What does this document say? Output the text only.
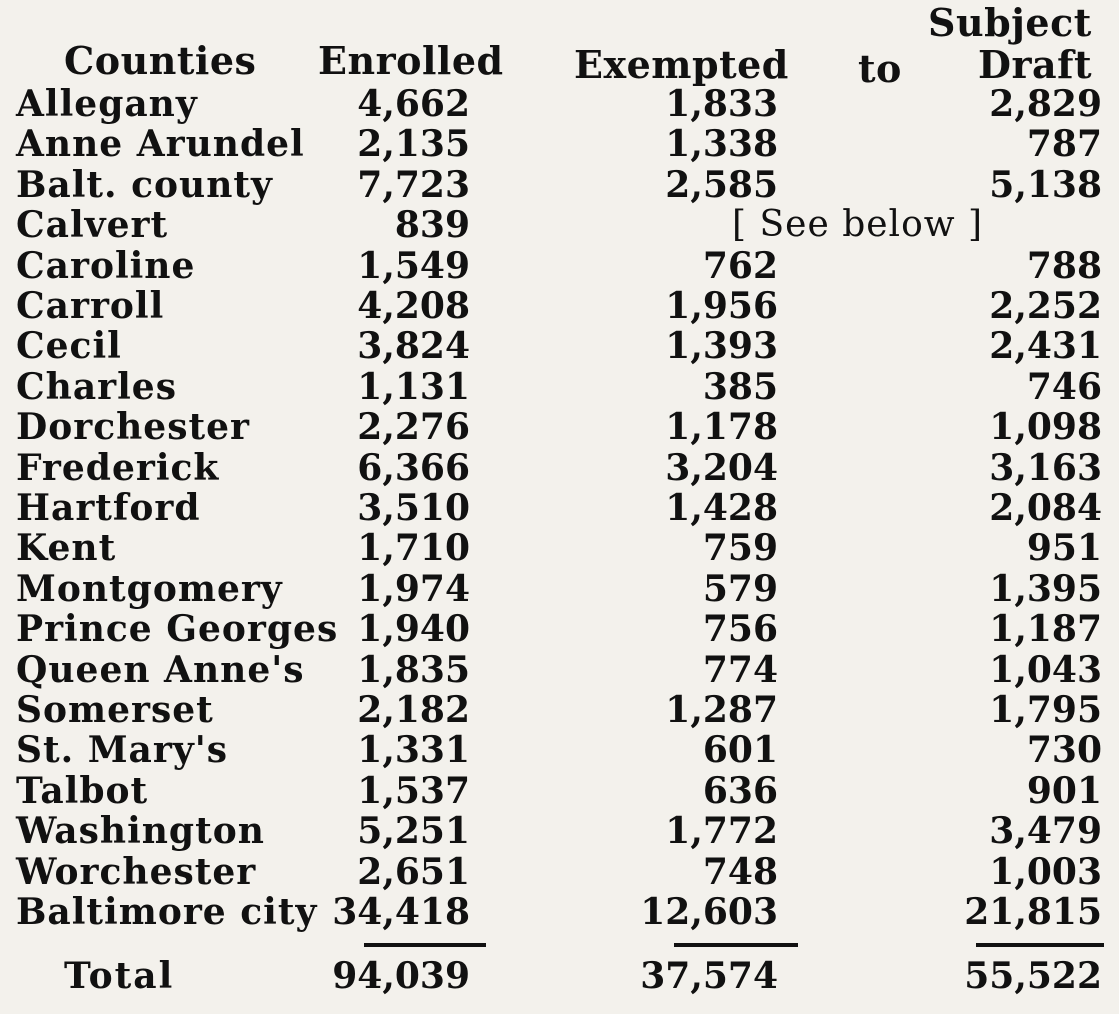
Subject
Counties Enrolled Exempted to Draft
Allegany	4,662	1,833	2,829
Anne Arundel 2,135	1,338	787
Balt. county 7,723	2,585	5,138
Calvert	839	[ See below ]
Caroline	1,549	762	788
Carroll	4,208	1,956	2,252
Cecil	3,824	1,393	2,431
Charles	1,131	385	746
Dorchester	2,276	1,178	1,098
Frederick	6,366	3,204	3,163
Hartford	3,510	1,428	2,084
Kent	1,710	759	951
Montgomery 1,974	579	1,395
Prince Georges 1,940	756	1,187
Queen Anne's 1,835	774	1,043
Somerset	2,182	1,287	1,795
St. Mary's	1,331	601	730
Talbot	1,537	636	901
Washington	5,251	1,772	3,479
Worchester	2,651	748	1,003
Baltimore city 34,418	12,603	21,815
Total	94,039	37,574	55,522
